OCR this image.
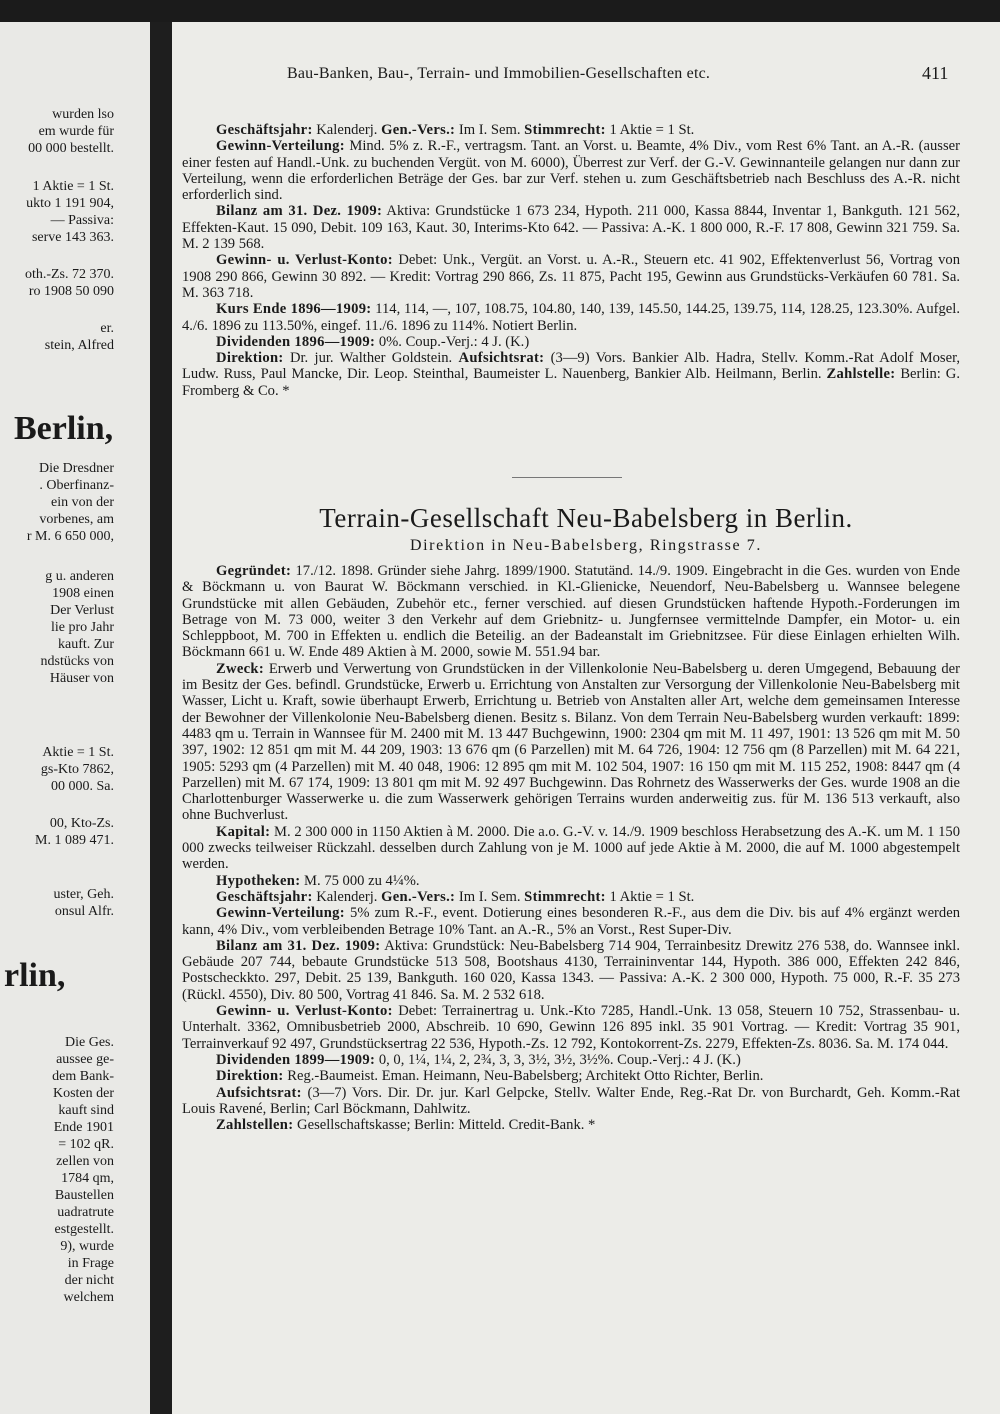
wurden lso
em wurde für
00 000 bestellt.
1 Aktie = 1 St.
ukto 1 191 904,
— Passiva:
serve 143 363.
oth.-Zs. 72 370.
ro 1908 50 090
er.
stein, Alfred
Berlin,
Die Dresdner
. Oberfinanz-
ein von der
vorbenes, am
r M. 6 650 000,
g u. anderen
1908 einen
Der Verlust
lie pro Jahr
kauft. Zur
ndstücks von
Häuser von
Aktie = 1 St.
gs-Kto 7862,
00 000. Sa.
00, Kto-Zs.
M. 1 089 471.
uster, Geh.
onsul Alfr.
rlin,
Die Ges.
aussee ge-
dem Bank-
Kosten der
kauft sind
Ende 1901
= 102 qR.
zellen von
1784 qm,
Baustellen
uadratrute
estgestellt.
9), wurde
in Frage
der nicht
welchem
Bau-Banken, Bau-, Terrain- und Immobilien-Gesellschaften etc.	411

Geschäftsjahr: Kalenderj. Gen.-Vers.: Im I. Sem. Stimmrecht: 1 Aktie = 1 St.

Gewinn-Verteilung: Mind. 5% z. R.-F., vertragsm. Tant. an Vorst. u. Beamte, 4% Div., vom Rest 6% Tant. an A.-R. (ausser einer festen auf Handl.-Unk. zu buchenden Vergüt. von M. 6000), Überrest zur Verf. der G.-V. Gewinnanteile gelangen nur dann zur Verteilung, wenn die erforderlichen Beträge der Ges. bar zur Verf. stehen u. zum Geschäftsbetrieb nach Beschluss des A.-R. nicht erforderlich sind.

Bilanz am 31. Dez. 1909: Aktiva: Grundstücke 1 673 234, Hypoth. 211 000, Kassa 8844, Inventar 1, Bankguth. 121 562, Effekten-Kaut. 15 090, Debit. 109 163, Kaut. 30, Interims-Kto 642. — Passiva: A.-K. 1 800 000, R.-F. 17 808, Gewinn 321 759. Sa. M. 2 139 568.

Gewinn- u. Verlust-Konto: Debet: Unk., Vergüt. an Vorst. u. A.-R., Steuern etc. 41 902, Effektenverlust 56, Vortrag von 1908 290 866, Gewinn 30 892. — Kredit: Vortrag 290 866, Zs. 11 875, Pacht 195, Gewinn aus Grundstücks-Verkäufen 60 781. Sa. M. 363 718.

Kurs Ende 1896—1909: 114, 114, —, 107, 108.75, 104.80, 140, 139, 145.50, 144.25, 139.75, 114, 128.25, 123.30%. Aufgel. 4./6. 1896 zu 113.50%, eingef. 11./6. 1896 zu 114%. Notiert Berlin.

Dividenden 1896—1909: 0%. Coup.-Verj.: 4 J. (K.)

Direktion: Dr. jur. Walther Goldstein. Aufsichtsrat: (3—9) Vors. Bankier Alb. Hadra, Stellv. Komm.-Rat Adolf Moser, Ludw. Russ, Paul Mancke, Dir. Leop. Steinthal, Baumeister L. Nauenberg, Bankier Alb. Heilmann, Berlin. Zahlstelle: Berlin: G. Fromberg & Co. *

Terrain-Gesellschaft Neu-Babelsberg in Berlin.
Direktion in Neu-Babelsberg, Ringstrasse 7.

Gegründet: 17./12. 1898. Gründer siehe Jahrg. 1899/1900. Statutänd. 14./9. 1909. Eingebracht in die Ges. wurden von Ende & Böckmann u. von Baurat W. Böckmann verschied. in Kl.-Glienicke, Neuendorf, Neu-Babelsberg u. Wannsee belegene Grundstücke mit allen Gebäuden, Zubehör etc., ferner verschied. auf diesen Grundstücken haftende Hypoth.-Forderungen im Betrage von M. 73 000, weiter 3 den Verkehr auf dem Griebnitz- u. Jungfernsee vermittelnde Dampfer, ein Motor- u. ein Schleppboot, M. 700 in Effekten u. endlich die Beteilig. an der Badeanstalt im Griebnitzsee. Für diese Einlagen erhielten Wilh. Böckmann 661 u. W. Ende 489 Aktien à M. 2000, sowie M. 551.94 bar.

Zweck: Erwerb und Verwertung von Grundstücken in der Villenkolonie Neu-Babelsberg u. deren Umgegend, Bebauung der im Besitz der Ges. befindl. Grundstücke, Erwerb u. Errichtung von Anstalten zur Versorgung der Villenkolonie Neu-Babelsberg mit Wasser, Licht u. Kraft, sowie überhaupt Erwerb, Errichtung u. Betrieb von Anstalten aller Art, welche dem gemeinsamen Interesse der Bewohner der Villenkolonie Neu-Babelsberg dienen. Besitz s. Bilanz. Von dem Terrain Neu-Babelsberg wurden verkauft: 1899: 4483 qm u. Terrain in Wannsee für M. 2400 mit M. 13 447 Buchgewinn, 1900: 2304 qm mit M. 11 497, 1901: 13 526 qm mit M. 50 397, 1902: 12 851 qm mit M. 44 209, 1903: 13 676 qm (6 Parzellen) mit M. 64 726, 1904: 12 756 qm (8 Parzellen) mit M. 64 221, 1905: 5293 qm (4 Parzellen) mit M. 40 048, 1906: 12 895 qm mit M. 102 504, 1907: 16 150 qm mit M. 115 252, 1908: 8447 qm (4 Parzellen) mit M. 67 174, 1909: 13 801 qm mit M. 92 497 Buchgewinn. Das Rohrnetz des Wasserwerks der Ges. wurde 1908 an die Charlottenburger Wasserwerke u. die zum Wasserwerk gehörigen Terrains wurden anderweitig zus. für M. 136 513 verkauft, also ohne Buchverlust.

Kapital: M. 2 300 000 in 1150 Aktien à M. 2000. Die a.o. G.-V. v. 14./9. 1909 beschloss Herabsetzung des A.-K. um M. 1 150 000 zwecks teilweiser Rückzahl. desselben durch Zahlung von je M. 1000 auf jede Aktie à M. 2000, die auf M. 1000 abgestempelt werden.

Hypotheken: M. 75 000 zu 4¼%.

Geschäftsjahr: Kalenderj. Gen.-Vers.: Im I. Sem. Stimmrecht: 1 Aktie = 1 St.

Gewinn-Verteilung: 5% zum R.-F., event. Dotierung eines besonderen R.-F., aus dem die Div. bis auf 4% ergänzt werden kann, 4% Div., vom verbleibenden Betrage 10% Tant. an A.-R., 5% an Vorst., Rest Super-Div.

Bilanz am 31. Dez. 1909: Aktiva: Grundstück: Neu-Babelsberg 714 904, Terrainbesitz Drewitz 276 538, do. Wannsee inkl. Gebäude 207 744, bebaute Grundstücke 513 508, Bootshaus 4130, Terraininventar 144, Hypoth. 386 000, Effekten 242 846, Postscheckkto. 297, Debit. 25 139, Bankguth. 160 020, Kassa 1343. — Passiva: A.-K. 2 300 000, Hypoth. 75 000, R.-F. 35 273 (Rückl. 4550), Div. 80 500, Vortrag 41 846. Sa. M. 2 532 618.

Gewinn- u. Verlust-Konto: Debet: Terrainertrag u. Unk.-Kto 7285, Handl.-Unk. 13 058, Steuern 10 752, Strassenbau- u. Unterhalt. 3362, Omnibusbetrieb 2000, Abschreib. 10 690, Gewinn 126 895 inkl. 35 901 Vortrag. — Kredit: Vortrag 35 901, Terrainverkauf 92 497, Grundstücksertrag 22 536, Hypoth.-Zs. 12 792, Kontokorrent-Zs. 2279, Effekten-Zs. 8036. Sa. M. 174 044.

Dividenden 1899—1909: 0, 0, 1¼, 1¼, 2, 2¾, 3, 3, 3½, 3½, 3½%. Coup.-Verj.: 4 J. (K.)

Direktion: Reg.-Baumeist. Eman. Heimann, Neu-Babelsberg; Architekt Otto Richter, Berlin.

Aufsichtsrat: (3—7) Vors. Dir. Dr. jur. Karl Gelpcke, Stellv. Walter Ende, Reg.-Rat Dr. von Burchardt, Geh. Komm.-Rat Louis Ravené, Berlin; Carl Böckmann, Dahlwitz.

Zahlstellen: Gesellschaftskasse; Berlin: Mitteld. Credit-Bank. *
